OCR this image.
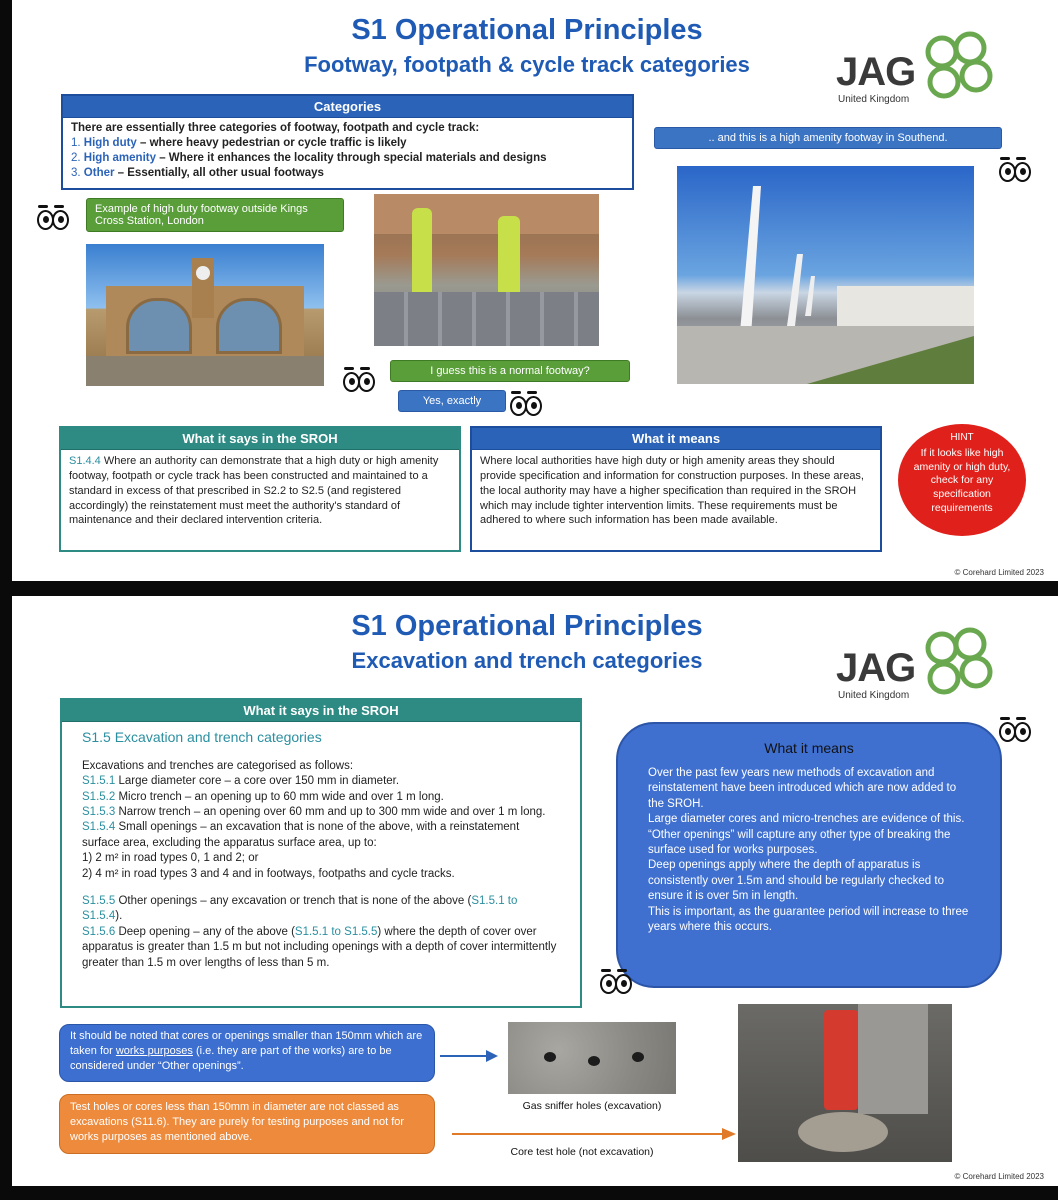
S1 Operational Principles
Footway, footpath & cycle track categories	JAG
United Kingdom
Categories
There are essentially three categories of footway, footpath and cycle track:
1. High duty – where heavy pedestrian or cycle traffic is likely
2. High amenity – Where it enhances the locality through special materials and designs
3. Other – Essentially, all other usual footways
Example of high duty footway outside Kings Cross Station, London
.. and this is a high amenity footway in Southend.
I guess this is a normal footway?
Yes, exactly
What it says in the SROH
S1.4.4 Where an authority can demonstrate that a high duty or high amenity footway, footpath or cycle track has been constructed and maintained to a standard in excess of that prescribed in S2.2 to S2.5 (and registered accordingly) the reinstatement must meet the authority's standard of maintenance and their declared intervention criteria.
What it means
Where local authorities have high duty or high amenity areas they should provide specification and information for construction purposes. In these areas, the local authority may have a higher specification than required in the SROH which may include tighter intervention limits. These requirements must be adhered to where such information has been made available.
HINT
If it looks like high amenity or high duty, check for any specification requirements
© Corehard Limited 2023
S1 Operational Principles
Excavation and trench categories	JAG
United Kingdom
What it says in the SROH
S1.5 Excavation and trench categories
Excavations and trenches are categorised as follows:
S1.5.1 Large diameter core – a core over 150 mm in diameter.
S1.5.2 Micro trench – an opening up to 60 mm wide and over 1 m long.
S1.5.3 Narrow trench – an opening over 60 mm and up to 300 mm wide and over 1 m long.
S1.5.4 Small openings – an excavation that is none of the above, with a reinstatement surface area, excluding the apparatus surface area, up to:
1) 2 m² in road types 0, 1 and 2; or
2) 4 m² in road types 3 and 4 and in footways, footpaths and cycle tracks.
S1.5.5 Other openings – any excavation or trench that is none of the above (S1.5.1 to S1.5.4).
S1.5.6 Deep opening – any of the above (S1.5.1 to S1.5.5) where the depth of cover over apparatus is greater than 1.5 m but not including openings with a depth of cover intermittently greater than 1.5 m over lengths of less than 5 m.
What it means
Over the past few years new methods of excavation and reinstatement have been introduced which are now added to the SROH.
Large diameter cores and micro-trenches are evidence of this.
“Other openings” will capture any other type of breaking the surface used for works purposes.
Deep openings apply where the depth of apparatus is consistently over 1.5m and should be regularly checked to ensure it is over 5m in length.
This is important, as the guarantee period will increase to three years where this occurs.
It should be noted that cores or openings smaller than 150mm which are taken for works purposes (i.e. they are part of the works) are to be considered under “Other openings”.
Gas sniffer holes (excavation)
Test holes or cores less than 150mm in diameter are not classed as excavations (S11.6). They are purely for testing purposes and not for works purposes as mentioned above.
Core test hole (not excavation)
© Corehard Limited 2023
